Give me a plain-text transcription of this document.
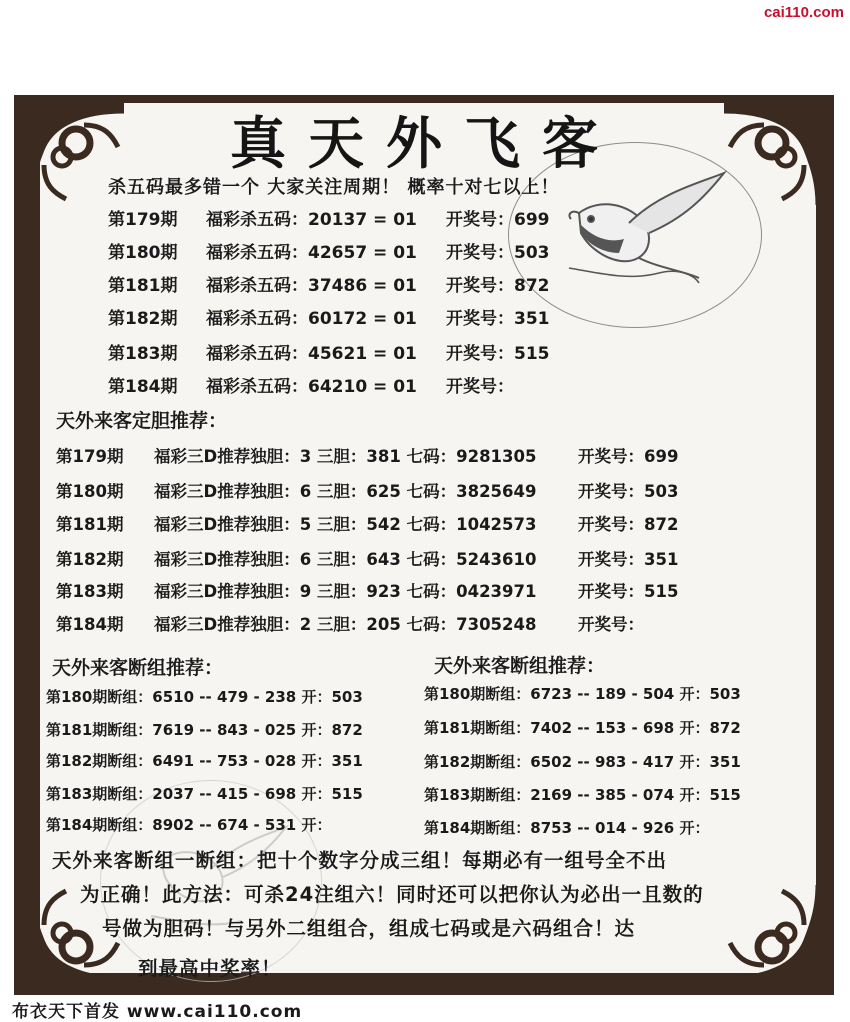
cai110.com
真天外飞客
杀五码最多错一个 大家关注周期！ 概率十对七以上！
第179期 福彩杀五码：20137 = 01 开奖号：699
第180期 福彩杀五码：42657 = 01 开奖号：503
第181期 福彩杀五码：37486 = 01 开奖号：872
第182期 福彩杀五码：60172 = 01 开奖号：351
第183期 福彩杀五码：45621 = 01 开奖号：515
第184期 福彩杀五码：64210 = 01 开奖号：
天外来客定胆推荐：
第179期 福彩三D推荐独胆：3 三胆：381 七码：9281305	开奖号：699
第180期 福彩三D推荐独胆：6 三胆：625 七码：3825649	开奖号：503
第181期 福彩三D推荐独胆：5 三胆：542 七码：1042573	开奖号：872
第182期 福彩三D推荐独胆：6 三胆：643 七码：5243610	开奖号：351
第183期 福彩三D推荐独胆：9 三胆：923 七码：0423971	开奖号：515
第184期 福彩三D推荐独胆：2 三胆：205 七码：7305248	开奖号：
天外来客断组推荐：	天外来客断组推荐：
第180期断组：6510 -- 479 - 238 开：503
第181期断组：7619 -- 843 - 025 开：872
第182期断组：6491 -- 753 - 028 开：351
第183期断组：2037 -- 415 - 698 开：515
第184期断组：8902 -- 674 - 531 开：
第180期断组：6723 -- 189 - 504 开：503
第181期断组：7402 -- 153 - 698 开：872
第182期断组：6502 -- 983 - 417 开：351
第183期断组：2169 -- 385 - 074 开：515
第184期断组：8753 -- 014 - 926 开：
天外来客断组一断组：把十个数字分成三组！每期必有一组号全不出
为正确！此方法：可杀24注组六！同时还可以把你认为必出一且数的
号做为胆码！与另外二组组合，组成七码或是六码组合！达
到最高中奖率！
布衣天下首发 www.cai110.com
